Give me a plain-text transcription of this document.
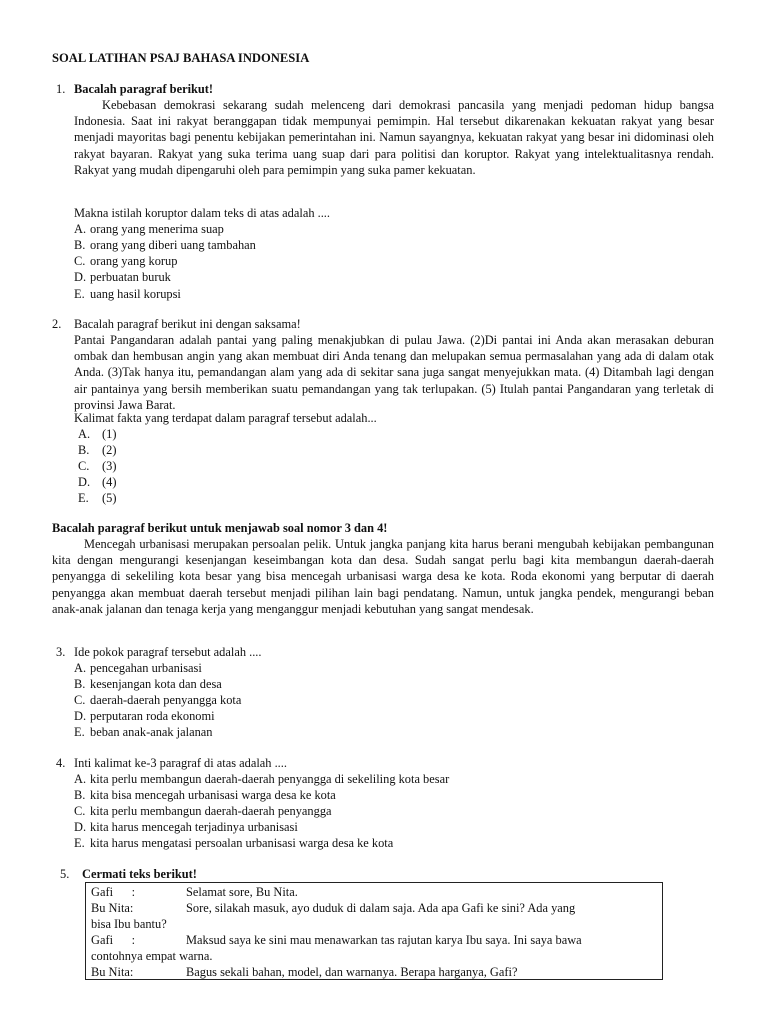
SOAL LATIHAN PSAJ BAHASA INDONESIA
1. Bacalah paragraf berikut!
Kebebasan demokrasi sekarang sudah melenceng dari demokrasi pancasila yang menjadi pedoman hidup bangsa Indonesia. Saat ini rakyat beranggapan tidak mempunyai pemimpin. Hal tersebut dikarenakan kekuatan rakyat yang besar menjadi mayoritas bagi penentu kebijakan pemerintahan ini. Namun sayangnya, kekuatan rakyat yang besar ini didominasi oleh rakyat bayaran. Rakyat yang suka terima uang suap dari para politisi dan koruptor. Rakyat yang intelektualitasnya rendah. Rakyat yang mudah dipengaruhi oleh para pemimpin yang suka pamer kekuatan.
Makna istilah koruptor dalam teks di atas adalah ....
A. orang yang menerima suap
B. orang yang diberi uang tambahan
C. orang yang korup
D. perbuatan buruk
E. uang hasil korupsi
2. Bacalah paragraf berikut ini dengan saksama!
Pantai Pangandaran adalah pantai yang paling menakjubkan di pulau Jawa. (2)Di pantai ini Anda akan merasakan deburan ombak dan hembusan angin yang akan membuat diri Anda tenang dan melupakan semua permasalahan yang ada di dalam otak Anda. (3)Tak hanya itu, pemandangan alam yang ada di sekitar sana juga sangat menyejukkan mata. (4) Ditambah lagi dengan air pantainya yang bersih memberikan suatu pemandangan yang tak terlupakan. (5) Itulah pantai Pangandaran yang terletak di provinsi Jawa Barat.
Kalimat fakta yang terdapat dalam paragraf tersebut adalah...
A. (1)
B. (2)
C. (3)
D. (4)
E. (5)
Bacalah paragraf berikut untuk menjawab soal nomor 3 dan 4!
Mencegah urbanisasi merupakan persoalan pelik. Untuk jangka panjang kita harus berani mengubah kebijakan pembangunan kita dengan mengurangi kesenjangan keseimbangan kota dan desa. Sudah sangat perlu bagi kita membangun daerah-daerah penyangga di sekeliling kota besar yang bisa mencegah urbanisasi warga desa ke kota. Roda ekonomi yang berputar di daerah penyangga akan membuat daerah tersebut menjadi pilihan lain bagi pendatang. Namun, untuk jangka pendek, mengurangi beban anak-anak jalanan dan tenaga kerja yang menganggur menjadi kebutuhan yang sangat mendesak.
3. Ide pokok paragraf tersebut adalah ....
A. pencegahan urbanisasi
B. kesenjangan kota dan desa
C. daerah-daerah penyangga kota
D. perputaran roda ekonomi
E. beban anak-anak jalanan
4. Inti kalimat ke-3 paragraf di atas adalah ....
A. kita perlu membangun daerah-daerah penyangga di sekeliling kota besar
B. kita bisa mencegah urbanisasi warga desa ke kota
C. kita perlu membangun daerah-daerah penyangga
D. kita harus mencegah terjadinya urbanisasi
E. kita harus mengatasi persoalan urbanisasi warga desa ke kota
5. Cermati teks berikut!
Gafi      :	Selamat sore, Bu Nita.
Bu Nita:	Sore, silakah masuk, ayo duduk di dalam saja. Ada apa Gafi ke sini? Ada yang
bisa Ibu bantu?
Gafi      :	Maksud saya ke sini mau menawarkan tas rajutan karya Ibu saya. Ini saya bawa
contohnya empat warna.
Bu Nita:	Bagus sekali bahan, model, dan warnanya. Berapa harganya, Gafi?
